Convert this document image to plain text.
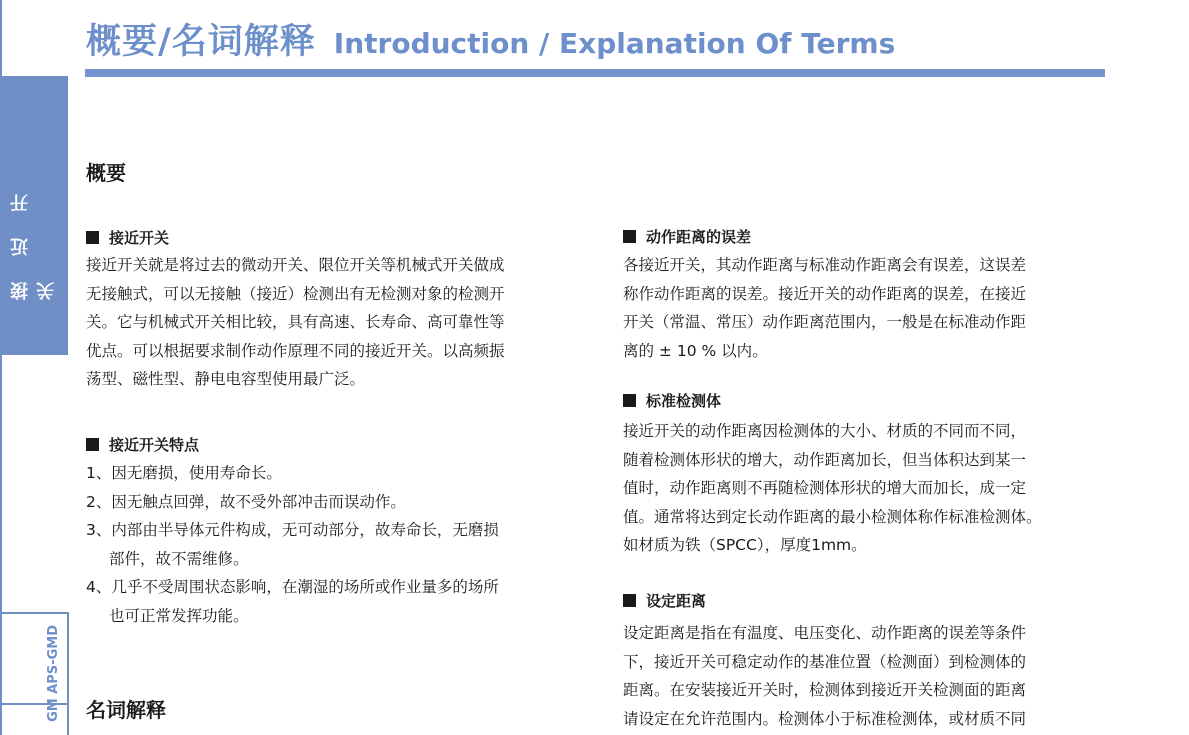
概要/名词解释 Introduction / Explanation Of Terms
接近开关
GM APS-GMD
概要
接近开关

接近开关就是将过去的微动开关、限位开关等机械式开关做成

无接触式，可以无接触（接近）检测出有无检测对象的检测开

关。它与机械式开关相比较，具有高速、长寿命、高可靠性等

优点。可以根据要求制作动作原理不同的接近开关。以高频振

荡型、磁性型、静电电容型使用最广泛。

接近开关特点
1、因无磨损，使用寿命长。
2、因无触点回弹，故不受外部冲击而误动作。
3、内部由半导体元件构成，无可动部分，故寿命长，无磨损
部件，故不需维修。
4、几乎不受周围状态影响，在潮湿的场所或作业量多的场所
也可正常发挥功能。
名词解释
动作距离的误差

各接近开关，其动作距离与标准动作距离会有误差，这误差

称作动作距离的误差。接近开关的动作距离的误差，在接近

开关（常温、常压）动作距离范围内，一般是在标准动作距

离的 ± 10 % 以内。

标准检测体

接近开关的动作距离因检测体的大小、材质的不同而不同，

随着检测体形状的增大，动作距离加长，但当体积达到某一

值时，动作距离则不再随检测体形状的增大而加长，成一定

值。通常将达到定长动作距离的最小检测体称作标准检测体。

如材质为铁（SPCC），厚度1mm。

设定距离

设定距离是指在有温度、电压变化、动作距离的误差等条件

下，接近开关可稳定动作的基准位置（检测面）到检测体的

距离。在安装接近开关时，检测体到接近开关检测面的距离

请设定在允许范围内。检测体小于标准检测体，或材质不同
